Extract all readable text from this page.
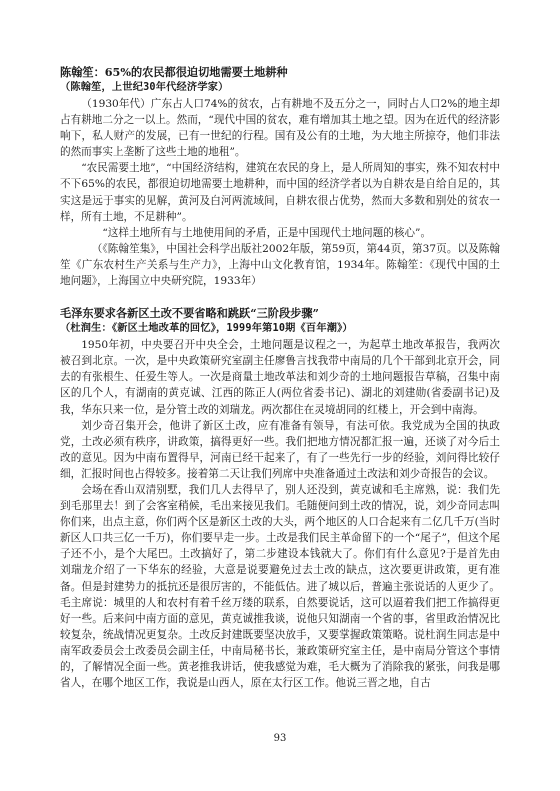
陈翰笙：65%的农民都很迫切地需要土地耕种
（陈翰笙，上世纪30年代经济学家）

（1930年代）广东占人口74%的贫农，占有耕地不及五分之一，同时占人口2%的地主却占有耕地二分之一以上。然而，“现代中国的贫农，难有增加其土地之望。因为在近代的经济影响下，私人财产的发展，已有一世纪的行程。国有及公有的土地，为大地主所掠夺，他们非法的然而事实上垄断了这些土地的地租”。

“农民需要土地”，“中国经济结构，建筑在农民的身上，是人所周知的事实，殊不知农村中不下65%的农民，都很迫切地需要土地耕种，而中国的经济学者以为自耕农是自给自足的，其实这是远于事实的见解，黄河及白河两流域间，自耕农很占优势，然而大多数和别处的贫农一样，所有土地，不足耕种”。

“这样土地所有与土地使用间的矛盾，正是中国现代土地问题的核心”。

（《陈翰笙集》，中国社会科学出版社2002年版，第59页，第44页，第37页。以及陈翰笙《广东农村生产关系与生产力》，上海中山文化教育馆，1934年。陈翰笙：《现代中国的土地问题》，上海国立中央研究院，1933年）

毛泽东要求各新区土改不要省略和跳跃“三阶段步骤”
（杜润生：《新区土地改革的回忆》，1999年第10期《百年潮》）

1950年初，中央要召开中央全会，土地问题是议程之一，为起草土地改革报告，我两次被召到北京。一次，是中央政策研究室副主任廖鲁言找我带中南局的几个干部到北京开会，同去的有张根生、任爱生等人。一次是商量土地改革法和刘少奇的土地问题报告草稿，召集中南区的几个人，有湖南的黄克诚、江西的陈正人(两位省委书记)、湖北的刘建勋(省委副书记)及我，华东只来一位，是分管土改的刘瑞龙。两次都住在灵境胡同的红楼上，开会到中南海。

刘少奇召集开会，他讲了新区土改，应有准备有领导，有法可依。我党成为全国的执政党，土改必须有秩序，讲政策，搞得更好一些。我们把地方情况都汇报一遍，还谈了对今后土改的意见。因为中南布置得早，河南已经干起来了，有了一些先行一步的经验，刘问得比较仔细，汇报时间也占得较多。接着第二天让我们列席中央准备通过土改法和刘少奇报告的会议。

会场在香山双清别墅，我们几人去得早了，别人还没到，黄克诚和毛主席熟，说：我们先到毛那里去！到了会客室稍候，毛出来接见我们。毛随便问到土改的情况，说，刘少奇同志叫你们来，出点主意，你们两个区是新区土改的大头，两个地区的人口合起来有二亿几千万(当时新区人口共三亿一千万)，你们要早走一步。土改是我们民主革命留下的一个“尾子”，但这个尾子还不小，是个大尾巴。土改搞好了，第二步建设本钱就大了。你们有什么意见?于是首先由刘瑞龙介绍了一下华东的经验，大意是说要避免过去土改的缺点，这次要更讲政策，更有准备。但是封建势力的抵抗还是很厉害的，不能低估。进了城以后，普遍主张说话的人更少了。毛主席说：城里的人和农村有着千丝万缕的联系，自然要说话，这可以逼着我们把工作搞得更好一些。后来问中南方面的意见，黄克诚推我谈，说他只知湖南一个省的事，省里政治情况比较复杂，统战情况更复杂。土改反封建既要坚决放手，又要掌握政策策略。说杜润生同志是中南军政委员会土改委员会副主任，中南局秘书长，兼政策研究室主任，是中南局分管这个事情的，了解情况全面一些。黄老推我讲话，使我感觉为难，毛大概为了消除我的紧张，问我是哪省人，在哪个地区工作，我说是山西人，原在太行区工作。他说三晋之地，自古

93
